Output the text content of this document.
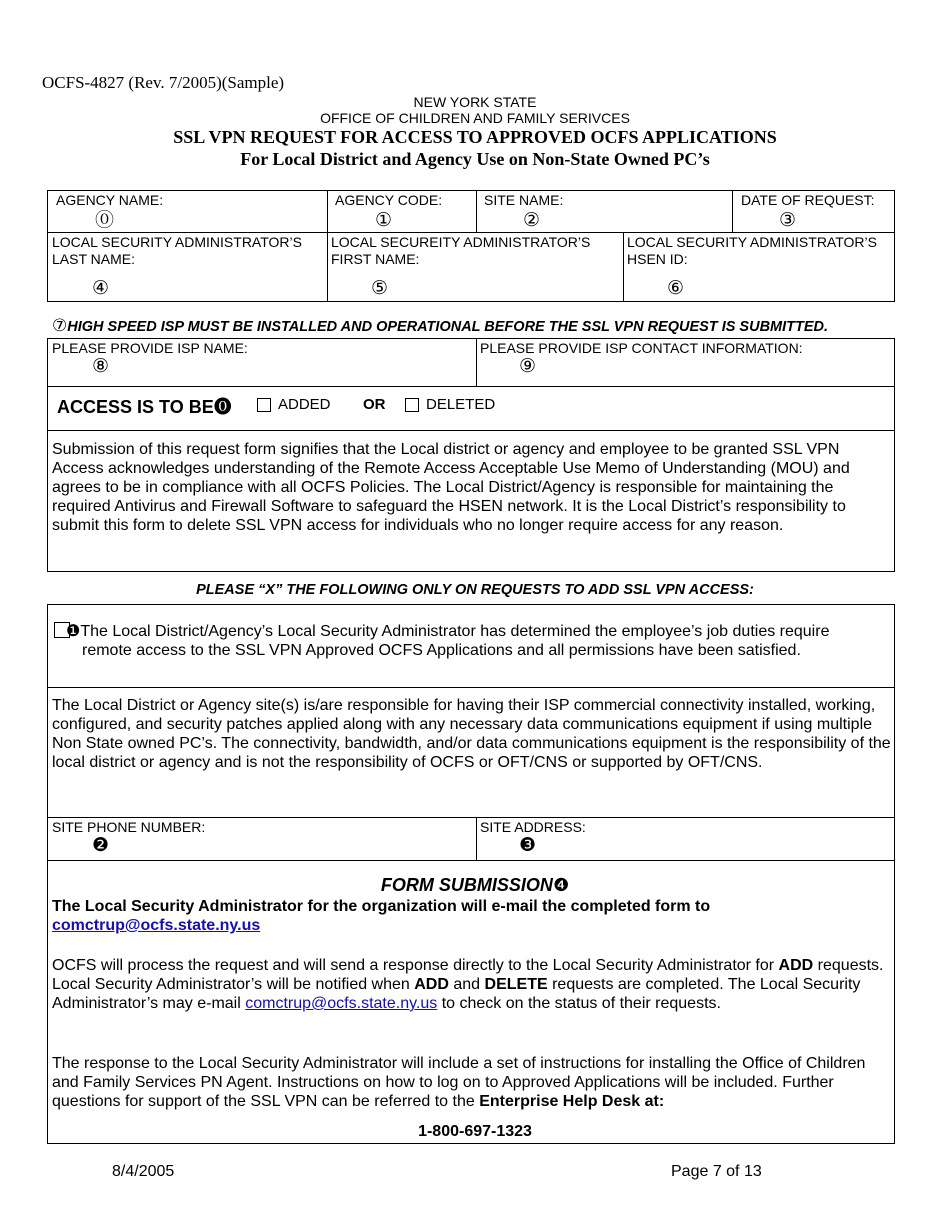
OCFS-4827 (Rev. 7/2005)(Sample)
NEW YORK STATE
OFFICE OF CHILDREN AND FAMILY SERIVCES
SSL VPN REQUEST FOR ACCESS TO APPROVED OCFS APPLICATIONS
For Local District and Agency Use on Non-State Owned PC’s
AGENCY NAME:
⓪
AGENCY CODE:
①
SITE NAME:
②
DATE OF REQUEST:
③
LOCAL SECURITY ADMINISTRATOR’S LAST NAME:
④
LOCAL SECUREITY ADMINISTRATOR’S FIRST NAME:
⑤
LOCAL SECURITY ADMINISTRATOR’S HSEN ID:
⑥
⑦HIGH SPEED ISP MUST BE INSTALLED AND OPERATIONAL BEFORE THE SSL VPN REQUEST IS SUBMITTED.
PLEASE PROVIDE ISP NAME:
⑧
PLEASE PROVIDE ISP CONTACT INFORMATION:
⑨
ACCESS IS TO BE⓿	ADDED OR	DELETED
Submission of this request form signifies that the Local district or agency and employee to be granted SSL VPN Access acknowledges understanding of the Remote Access Acceptable Use Memo of Understanding (MOU) and agrees to be in compliance with all OCFS Policies. The Local District/Agency is responsible for maintaining the required Antivirus and Firewall Software to safeguard the HSEN network. It is the Local District’s responsibility to submit this form to delete SSL VPN access for individuals who no longer require access for any reason.
PLEASE “X” THE FOLLOWING ONLY ON REQUESTS TO ADD SSL VPN ACCESS:
❶The Local District/Agency’s Local Security Administrator has determined the employee’s job duties require remote access to the SSL VPN Approved OCFS Applications and all permissions have been satisfied.
The Local District or Agency site(s) is/are responsible for having their ISP commercial connectivity installed, working, configured, and security patches applied along with any necessary data communications equipment if using multiple Non State owned PC’s. The connectivity, bandwidth, and/or data communications equipment is the responsibility of the local district or agency and is not the responsibility of OCFS or OFT/CNS or supported by OFT/CNS.
SITE PHONE NUMBER:
❷
SITE ADDRESS:
❸
FORM SUBMISSION❹
The Local Security Administrator for the organization will e-mail the completed form to
comctrup@ocfs.state.ny.us
OCFS will process the request and will send a response directly to the Local Security Administrator for ADD requests. Local Security Administrator’s will be notified when ADD and DELETE requests are completed. The Local Security Administrator’s may e-mail comctrup@ocfs.state.ny.us to check on the status of their requests.
The response to the Local Security Administrator will include a set of instructions for installing the Office of Children and Family Services PN Agent. Instructions on how to log on to Approved Applications will be included. Further questions for support of the SSL VPN can be referred to the Enterprise Help Desk at:
1-800-697-1323
8/4/2005	Page 7 of 13
